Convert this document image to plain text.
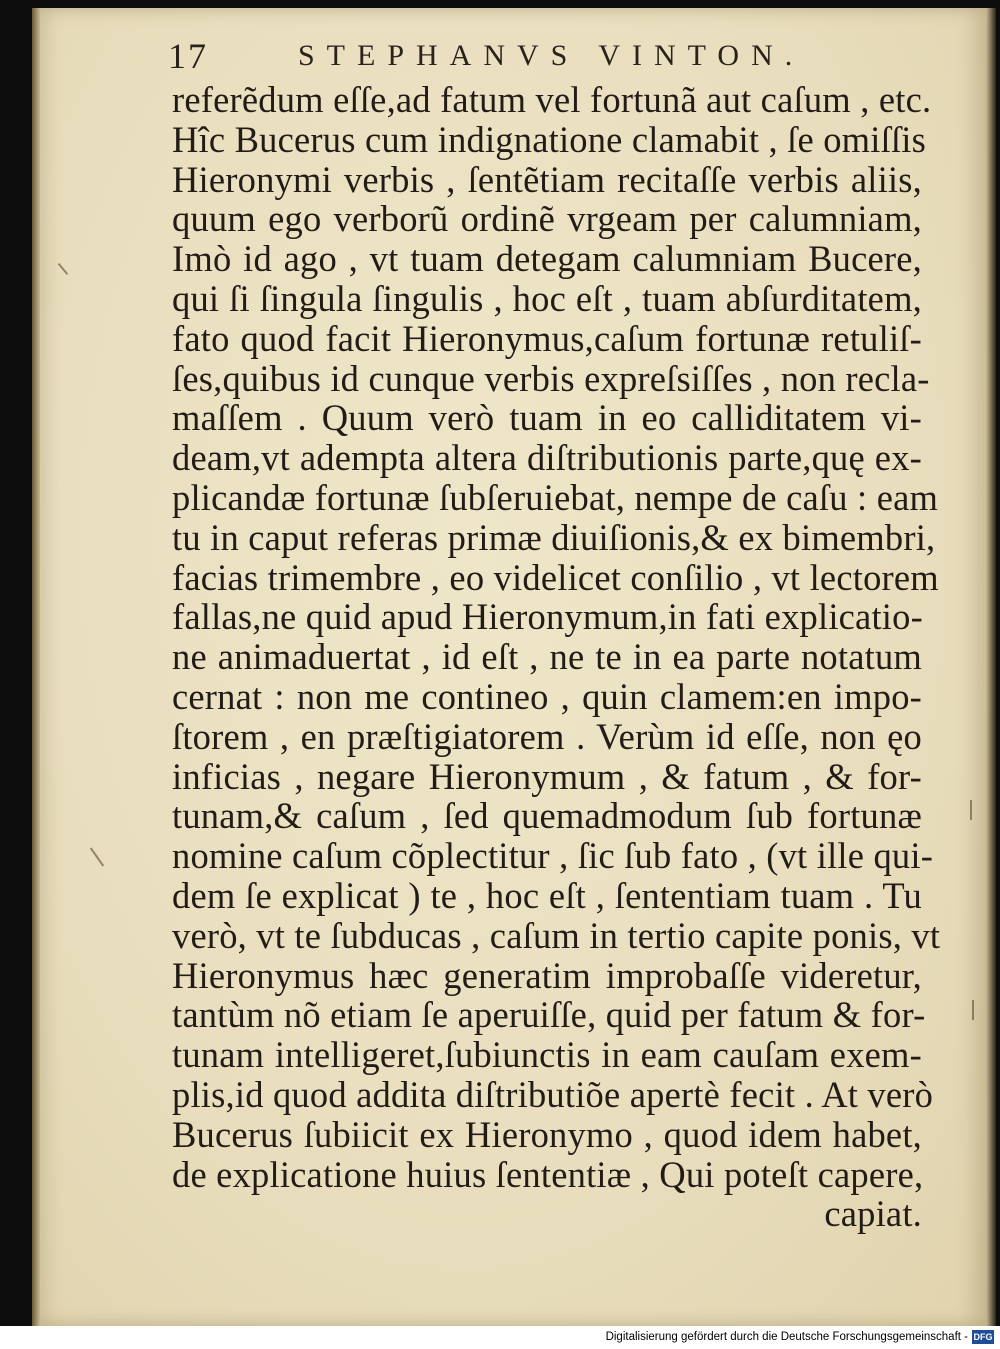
17	STEPHANVS VINTON.
referẽdum eſſe,ad fatum vel fortunã aut caſum , etc.
Hîc Bucerus cum indignatione clamabit , ſe omiſſis
Hieronymi verbis , ſentẽtiam recitaſſe verbis aliis,
quum ego verborũ ordinẽ vrgeam per calumniam,
Imò id ago , vt tuam detegam calumniam Bucere,
qui ſi ſingula ſingulis , hoc eſt , tuam abſurditatem,
fato quod facit Hieronymus,caſum fortunæ retuliſ-
ſes,quibus id cunque verbis expreſsiſſes , non recla-
maſſem . Quum verò tuam in eo calliditatem vi-
deam,vt adempta altera diſtributionis parte,quę ex-
plicandæ fortunæ ſubſeruiebat, nempe de caſu : eam
tu in caput referas primæ diuiſionis,& ex bimembri,
facias trimembre , eo videlicet conſilio , vt lectorem
fallas,ne quid apud Hieronymum,in fati explicatio-
ne animaduertat , id eſt , ne te in ea parte notatum
cernat : non me contineo , quin clamem:en impo-
ſtorem , en præſtigiatorem . Verùm id eſſe, non ęo
inficias , negare Hieronymum , & fatum , & for-
tunam,& caſum , ſed quemadmodum ſub fortunæ
nomine caſum cõplectitur , ſic ſub fato , (vt ille qui-
dem ſe explicat ) te , hoc eſt , ſententiam tuam . Tu
verò, vt te ſubducas , caſum in tertio capite ponis, vt
Hieronymus hæc generatim improbaſſe videretur,
tantùm nõ etiam ſe aperuiſſe, quid per fatum & for-
tunam intelligeret,ſubiunctis in eam cauſam exem-
plis,id quod addita diſtributiõe apertè fecit . At verò
Bucerus ſubiicit ex Hieronymo , quod idem habet,
de explicatione huius ſententiæ , Qui poteſt capere,
capiat.
Digitalisierung gefördert durch die Deutsche Forschungsgemeinschaft - DFG
